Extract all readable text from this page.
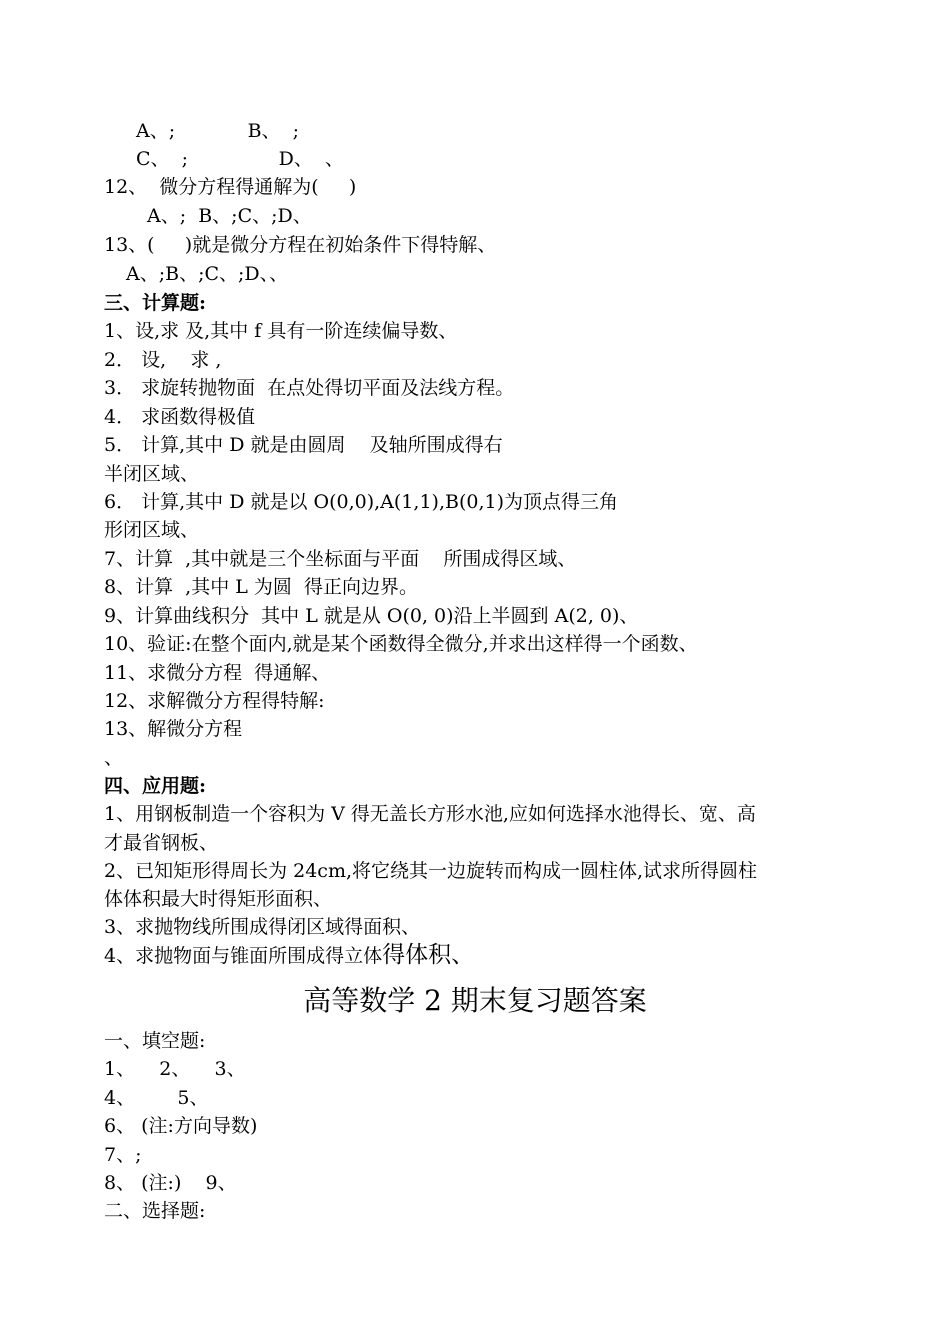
A、;            B、  ;
C、  ;               D、  、
12、  微分方程得通解为(     )
A、;  B、;C、;D、
13、(     )就是微分方程在初始条件下得特解、
A、;B、;C、;D、、
三、计算题:
1、设,求 及,其中 f 具有一阶连续偏导数、
2． 设,    求 ,
3． 求旋转抛物面  在点处得切平面及法线方程。
4． 求函数得极值
5． 计算,其中 D 就是由圆周    及轴所围成得右
半闭区域、
6． 计算,其中 D 就是以 O(0,0),A(1,1),B(0,1)为顶点得三角
形闭区域、
7、计算  ,其中就是三个坐标面与平面    所围成得区域、
8、计算  ,其中 L 为圆  得正向边界。
9、计算曲线积分  其中 L 就是从 O(0, 0)沿上半圆到 A(2, 0)、
10、验证:在整个面内,就是某个函数得全微分,并求出这样得一个函数、
11、求微分方程  得通解、
12、求解微分方程得特解:
13、解微分方程
、
四、应用题:
1、用钢板制造一个容积为 V 得无盖长方形水池,应如何选择水池得长、宽、高
才最省钢板、
2、已知矩形得周长为 24cm,将它绕其一边旋转而构成一圆柱体,试求所得圆柱
体体积最大时得矩形面积、
3、求抛物线所围成得闭区域得面积、
4、求抛物面与锥面所围成得立体得体积、
高等数学 2 期末复习题答案
一、填空题:
1、    2、    3、
4、       5、
6、 (注:方向导数)
7、;
8、 (注:)    9、
二、选择题:
